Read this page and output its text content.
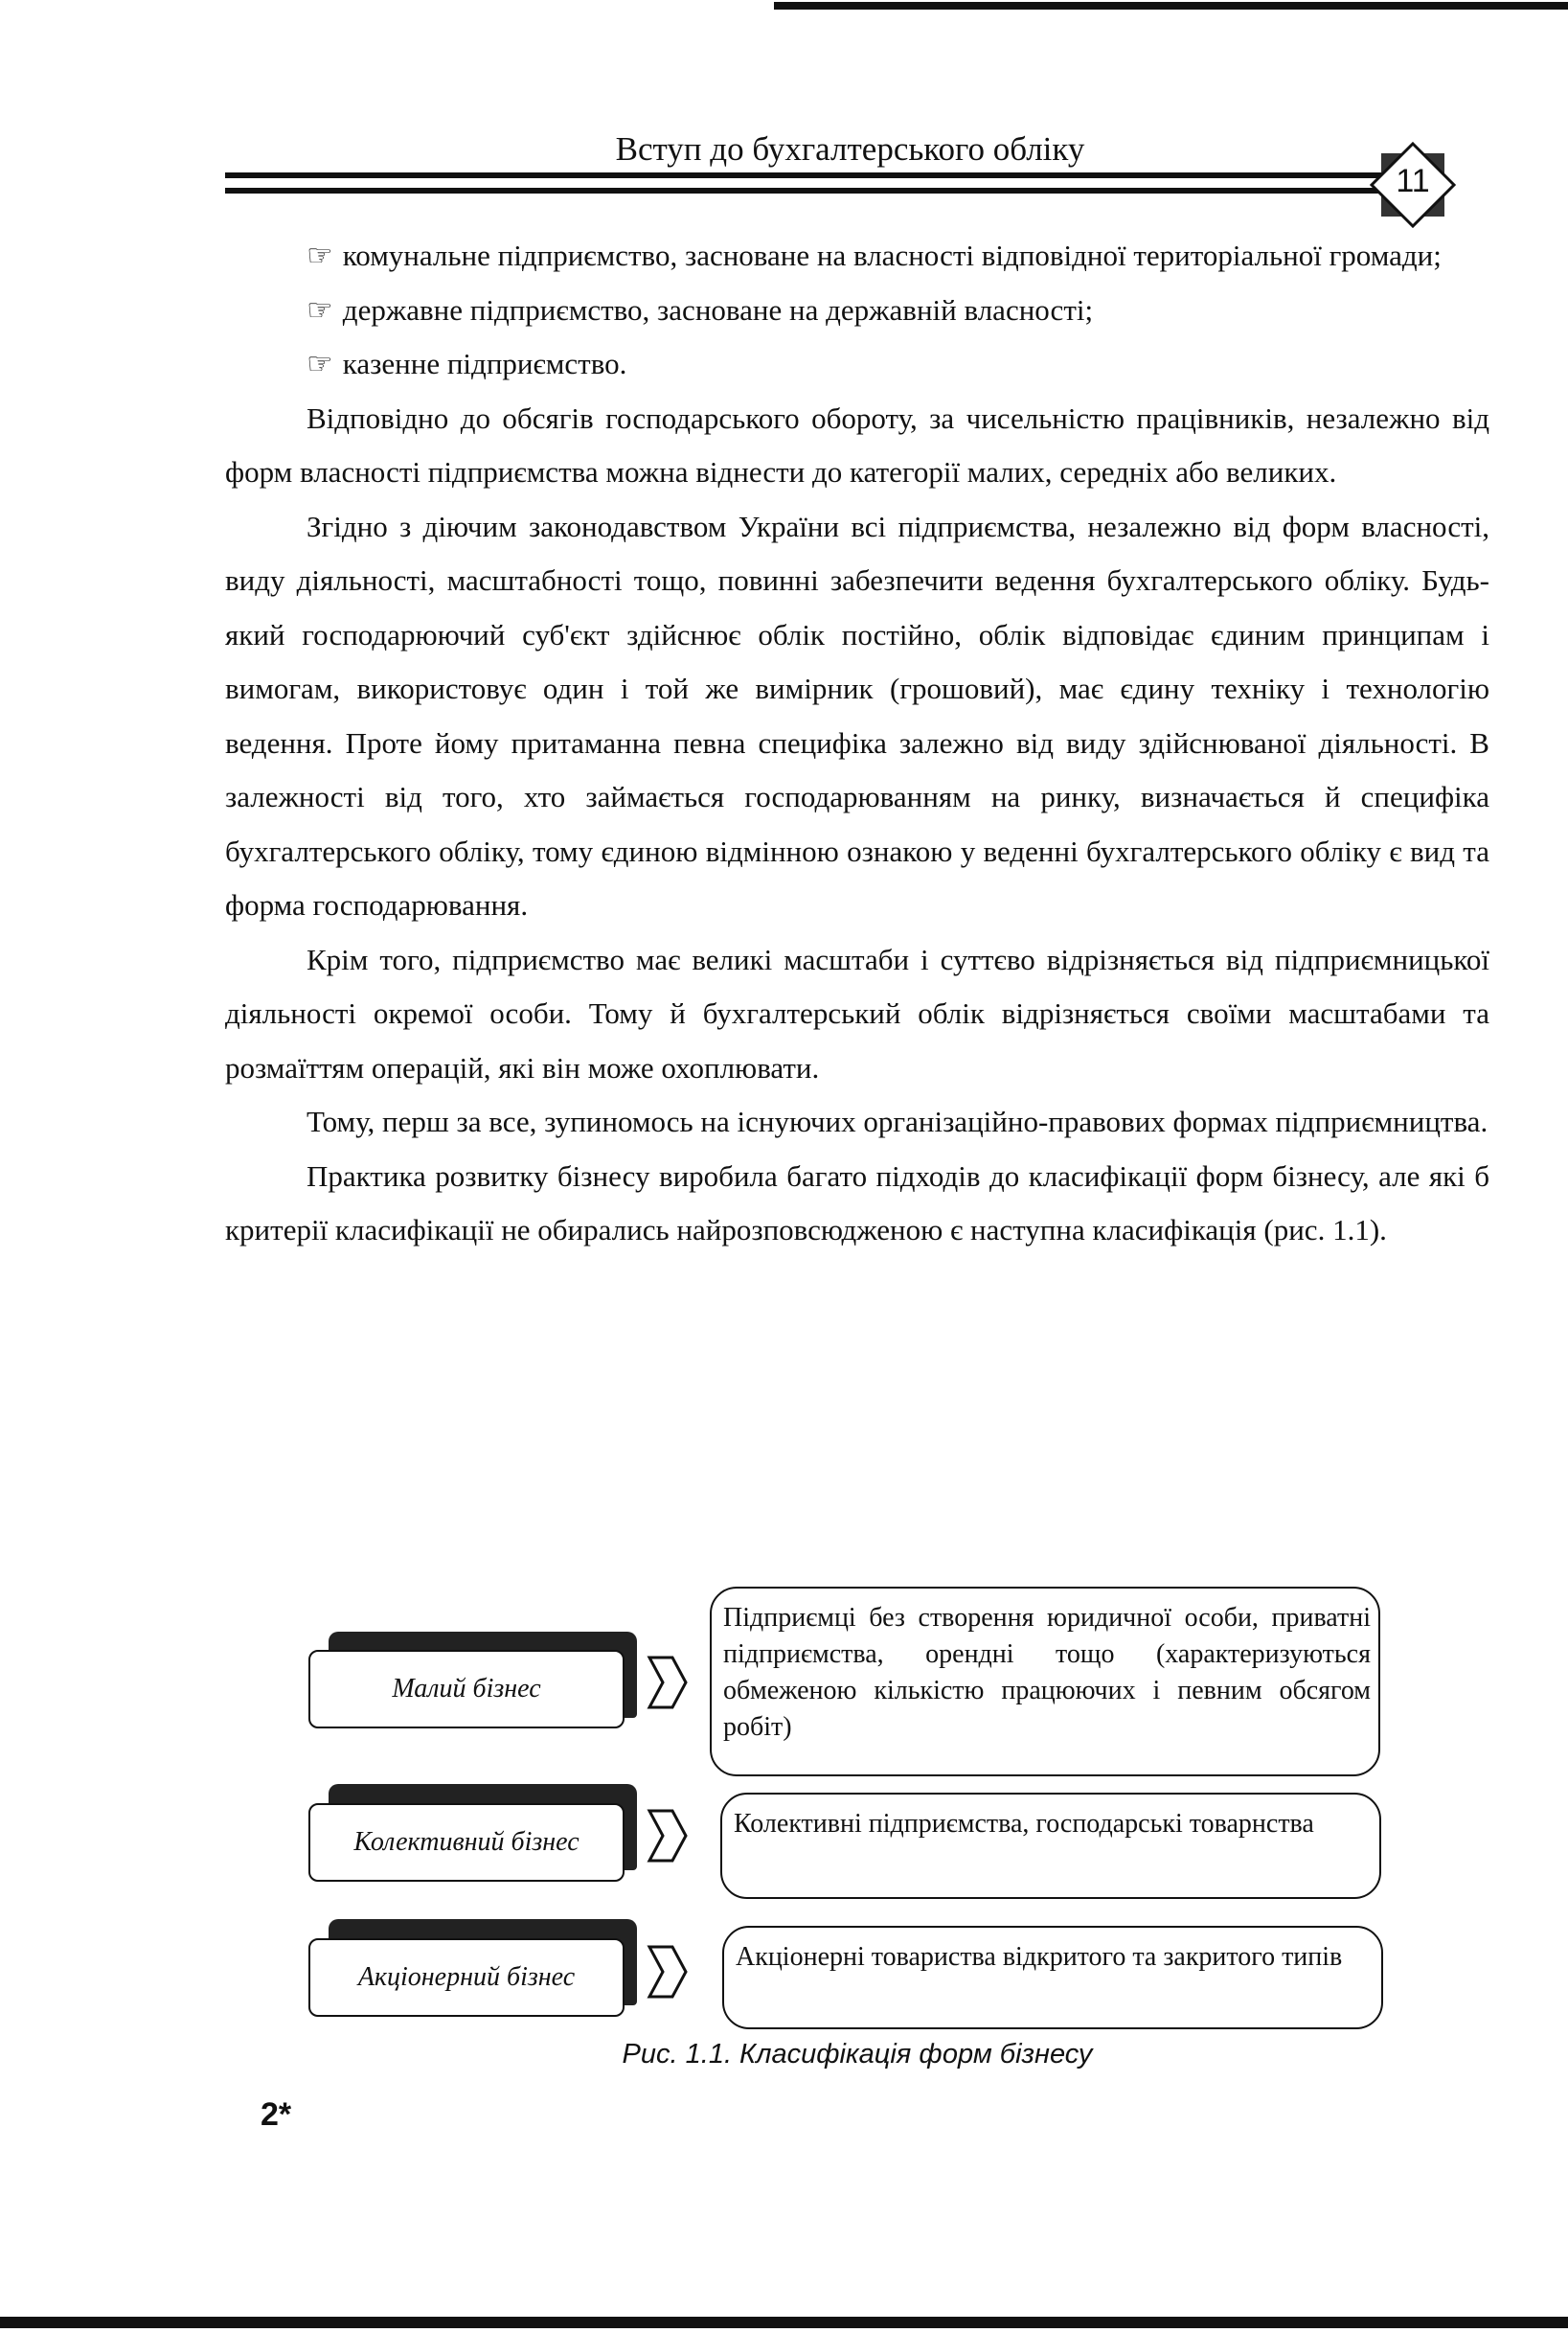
Вступ до бухгалтерського обліку
11

☞ комунальне підприємство, засноване на власності відповідної територіальної громади;

☞ державне підприємство, засноване на державній власності;

☞ казенне підприємство.

Відповідно до обсягів господарського обороту, за чисельністю працівників, незалежно від форм власності підприємства можна віднести до категорії малих, середніх або великих.

Згідно з діючим законодавством України всі підприємства, незалежно від форм власності, виду діяльності, масштабності тощо, повинні забезпечити ведення бухгалтерського обліку. Будь-який господарюючий суб'єкт здійснює облік постійно, облік відповідає єдиним принципам і вимогам, використовує один і той же вимірник (грошовий), має єдину техніку і технологію ведення. Проте йому притаманна певна специфіка залежно від виду здійснюваної діяльності. В залежності від того, хто займається господарюванням на ринку, визначається й специфіка бухгалтерського обліку, тому єдиною відмінною ознакою у веденні бухгалтерського обліку є вид та форма господарювання.

Крім того, підприємство має великі масштаби і суттєво відрізняється від підприємницької діяльності окремої особи. Тому й бухгалтерський облік відрізняється своїми масштабами та розмаїттям операцій, які він може охоплювати.

Тому, перш за все, зупиномось на існуючих організаційно-правових формах підприємництва.

Практика розвитку бізнесу виробила багато підходів до класифікації форм бізнесу, але які б критерії класифікації не обирались найрозповсюдженою є наступна класифікація (рис. 1.1).

Малий бізнес
Підприємці без створення юридичної особи, приватні підприємства, орендні тощо (характеризуються обмеженою кількістю працюючих і певним обсягом робіт)
Колективний бізнес
Колективні підприємства, господарські товарнства
Акціонерний бізнес
Акціонерні товариства відкритого та закритого типів
Рис. 1.1. Класифікація форм бізнесу
2*
